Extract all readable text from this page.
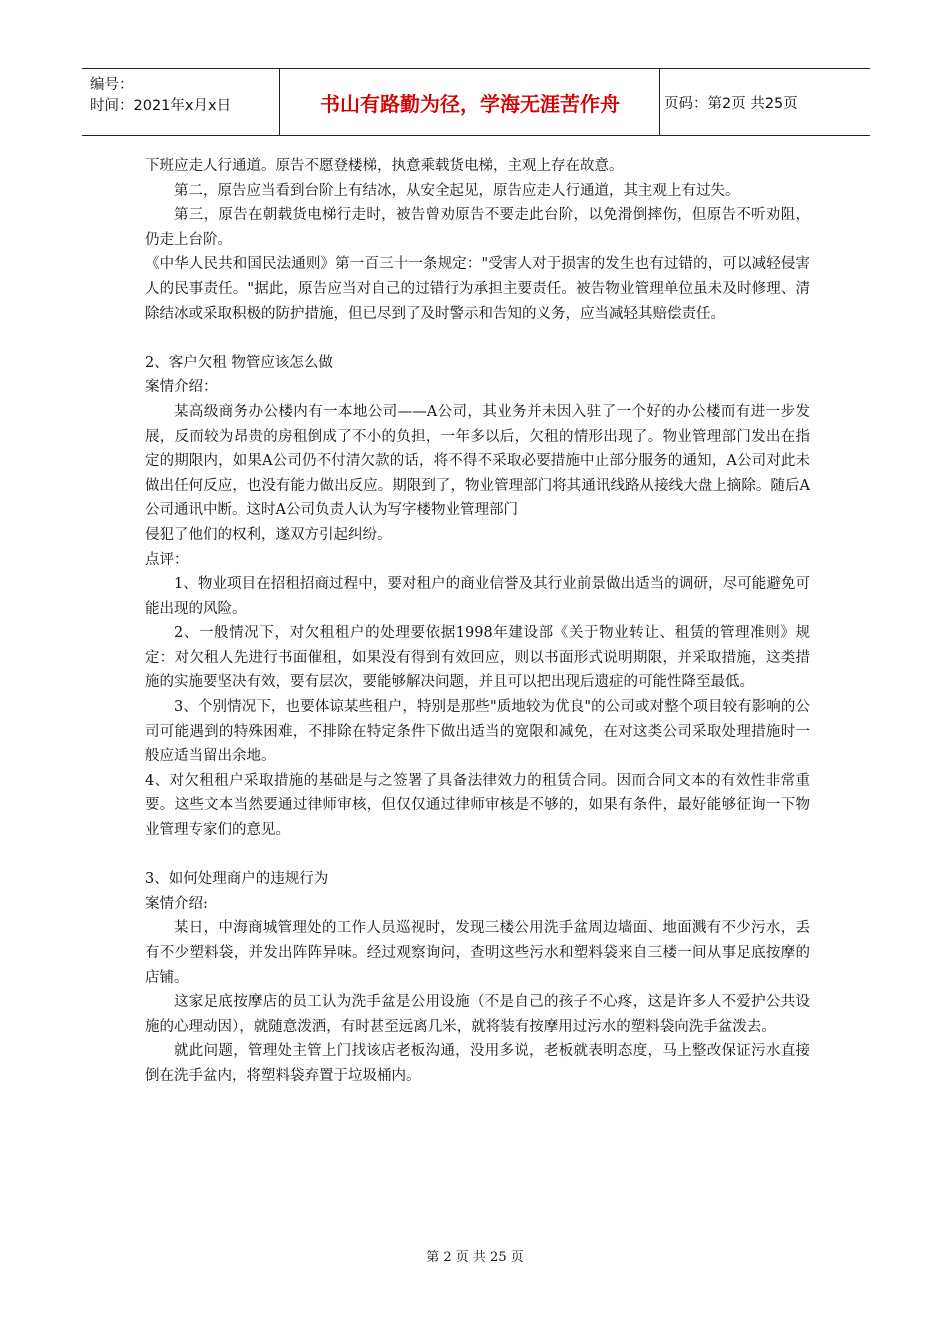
编号：
时间：2021年x月x日	书山有路勤为径，学海无涯苦作舟	页码：第2页 共25页

下班应走人行通道。原告不愿登楼梯，执意乘载货电梯，主观上存在故意。

第二，原告应当看到台阶上有结冰，从安全起见，原告应走人行通道，其主观上有过失。

第三，原告在朝载货电梯行走时，被告曾劝原告不要走此台阶，以免滑倒摔伤，但原告不听劝阻，仍走上台阶。

《中华人民共和国民法通则》第一百三十一条规定："受害人对于损害的发生也有过错的，可以减轻侵害人的民事责任。"据此，原告应当对自己的过错行为承担主要责任。被告物业管理单位虽未及时修理、清除结冰或采取积极的防护措施，但已尽到了及时警示和告知的义务，应当减轻其赔偿责任。

2、客户欠租 物管应该怎么做

案情介绍：

某高级商务办公楼内有一本地公司——A公司，其业务并未因入驻了一个好的办公楼而有进一步发展，反而较为昂贵的房租倒成了不小的负担，一年多以后，欠租的情形出现了。物业管理部门发出在指定的期限内，如果A公司仍不付清欠款的话，将不得不采取必要措施中止部分服务的通知，A公司对此未做出任何反应，也没有能力做出反应。期限到了，物业管理部门将其通讯线路从接线大盘上摘除。随后A公司通讯中断。这时A公司负责人认为写字楼物业管理部门

侵犯了他们的权利，遂双方引起纠纷。

点评：

1、物业项目在招租招商过程中，要对租户的商业信誉及其行业前景做出适当的调研，尽可能避免可能出现的风险。

2、一般情况下，对欠租租户的处理要依据1998年建设部《关于物业转让、租赁的管理准则》规定：对欠租人先进行书面催租，如果没有得到有效回应，则以书面形式说明期限，并采取措施，这类措施的实施要坚决有效，要有层次，要能够解决问题，并且可以把出现后遗症的可能性降至最低。

3、个别情况下，也要体谅某些租户，特别是那些"质地较为优良"的公司或对整个项目较有影响的公司可能遇到的特殊困难，不排除在特定条件下做出适当的宽限和减免，在对这类公司采取处理措施时一般应适当留出余地。

4、对欠租租户采取措施的基础是与之签署了具备法律效力的租赁合同。因而合同文本的有效性非常重要。这些文本当然要通过律师审核，但仅仅通过律师审核是不够的，如果有条件，最好能够征询一下物业管理专家们的意见。

3、如何处理商户的违规行为

案情介绍:

某日，中海商城管理处的工作人员巡视时，发现三楼公用洗手盆周边墙面、地面溅有不少污水，丢有不少塑料袋，并发出阵阵异味。经过观察询问，查明这些污水和塑料袋来自三楼一间从事足底按摩的店铺。

这家足底按摩店的员工认为洗手盆是公用设施（不是自己的孩子不心疼，这是许多人不爱护公共设施的心理动因），就随意泼洒，有时甚至远离几米，就将装有按摩用过污水的塑料袋向洗手盆泼去。

就此问题，管理处主管上门找该店老板沟通，没用多说，老板就表明态度，马上整改保证污水直接倒在洗手盆内，将塑料袋弃置于垃圾桶内。

第 2 页 共 25 页
